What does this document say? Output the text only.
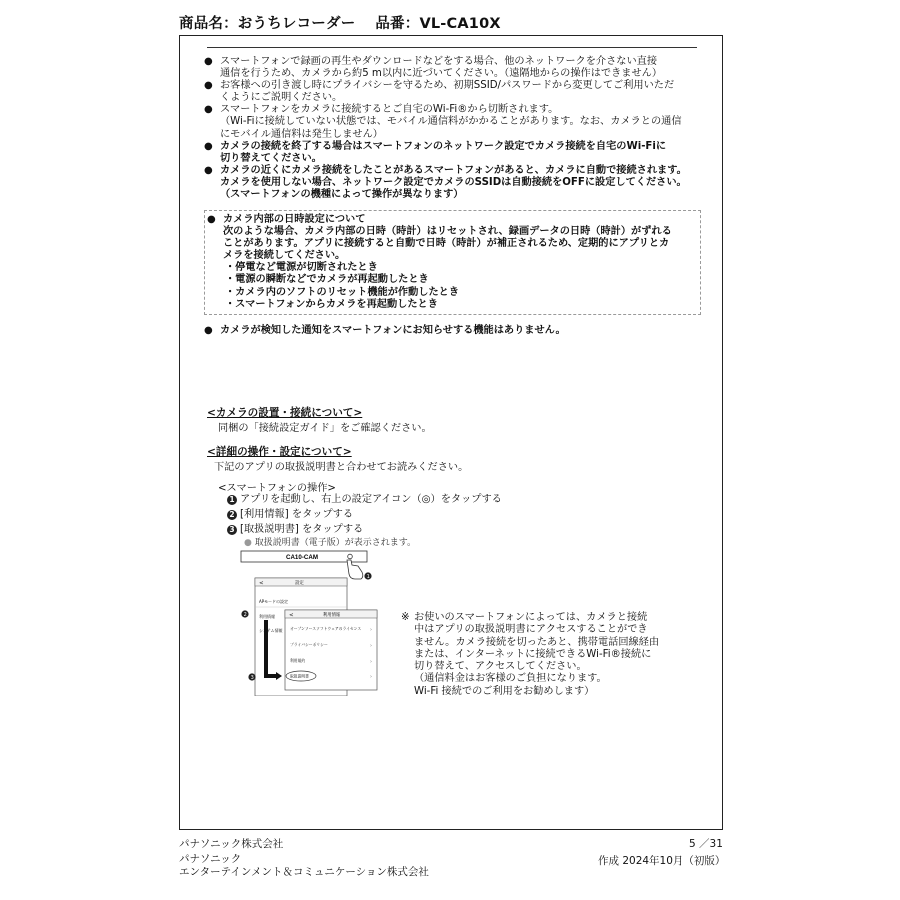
商品名：おうちレコーダー　 品番：VL-CA10X
● スマートフォンで録画の再生やダウンロードなどをする場合、他のネットワークを介さない直接
通信を行うため、カメラから約5 m以内に近づいてください。（遠隔地からの操作はできません）
● お客様への引き渡し時にプライバシーを守るため、初期SSID/パスワードから変更してご利用いただ
くようにご説明ください。
● スマートフォンをカメラに接続するとご自宅のWi-Fi®から切断されます。
（Wi-Fiに接続していない状態では、モバイル通信料がかかることがあります。なお、カメラとの通信
にモバイル通信料は発生しません）
● カメラの接続を終了する場合はスマートフォンのネットワーク設定でカメラ接続を自宅のWi-Fiに
切り替えてください。
● カメラの近くにカメラ接続をしたことがあるスマートフォンがあると、カメラに自動で接続されます。
カメラを使用しない場合、ネットワーク設定でカメラのSSIDは自動接続をOFFに設定してください。
（スマートフォンの機種によって操作が異なります）
● カメラ内部の日時設定について
次のような場合、カメラ内部の日時（時計）はリセットされ、録画データの日時（時計）がずれる
ことがあります。アプリに接続すると自動で日時（時計）が補正されるため、定期的にアプリとカ
メラを接続してください。
・停電など電源が切断されたとき
・電源の瞬断などでカメラが再起動したとき
・カメラ内のソフトのリセット機能が作動したとき
・スマートフォンからカメラを再起動したとき
● カメラが検知した通知をスマートフォンにお知らせする機能はありません。
<カメラの設置・接続について>
同梱の「接続設定ガイド」をご確認ください。
<詳細の操作・設定について>
下記のアプリの取扱説明書と合わせてお読みください。
<スマートフォンの操作>
1 アプリを起動し、右上の設定アイコン（◎）をタップする
2 [利用情報] をタップする
3 [取扱説明書] をタップする
● 取扱説明書（電子版）が表示されます。
CA10-CAM
1
<	設定
APモードの設定
利用情報
システム情報
2
3
<	利用情報
オープンソースソフトウェアのライセンス
プライバシーポリシー
利用規約
取扱説明書
›
›
›
›
※ お使いのスマートフォンによっては、カメラと接続
中はアプリの取扱説明書にアクセスすることができ
ません。カメラ接続を切ったあと、携帯電話回線経由
または、インターネットに接続できるWi-Fi®接続に
切り替えて、アクセスしてください。
（通信料金はお客様のご負担になります。
Wi-Fi 接続でのご利用をお勧めします）
パナソニック株式会社
パナソニック
エンターテインメント＆コミュニケーション株式会社
5 ／31
作成 2024年10月（初版）
